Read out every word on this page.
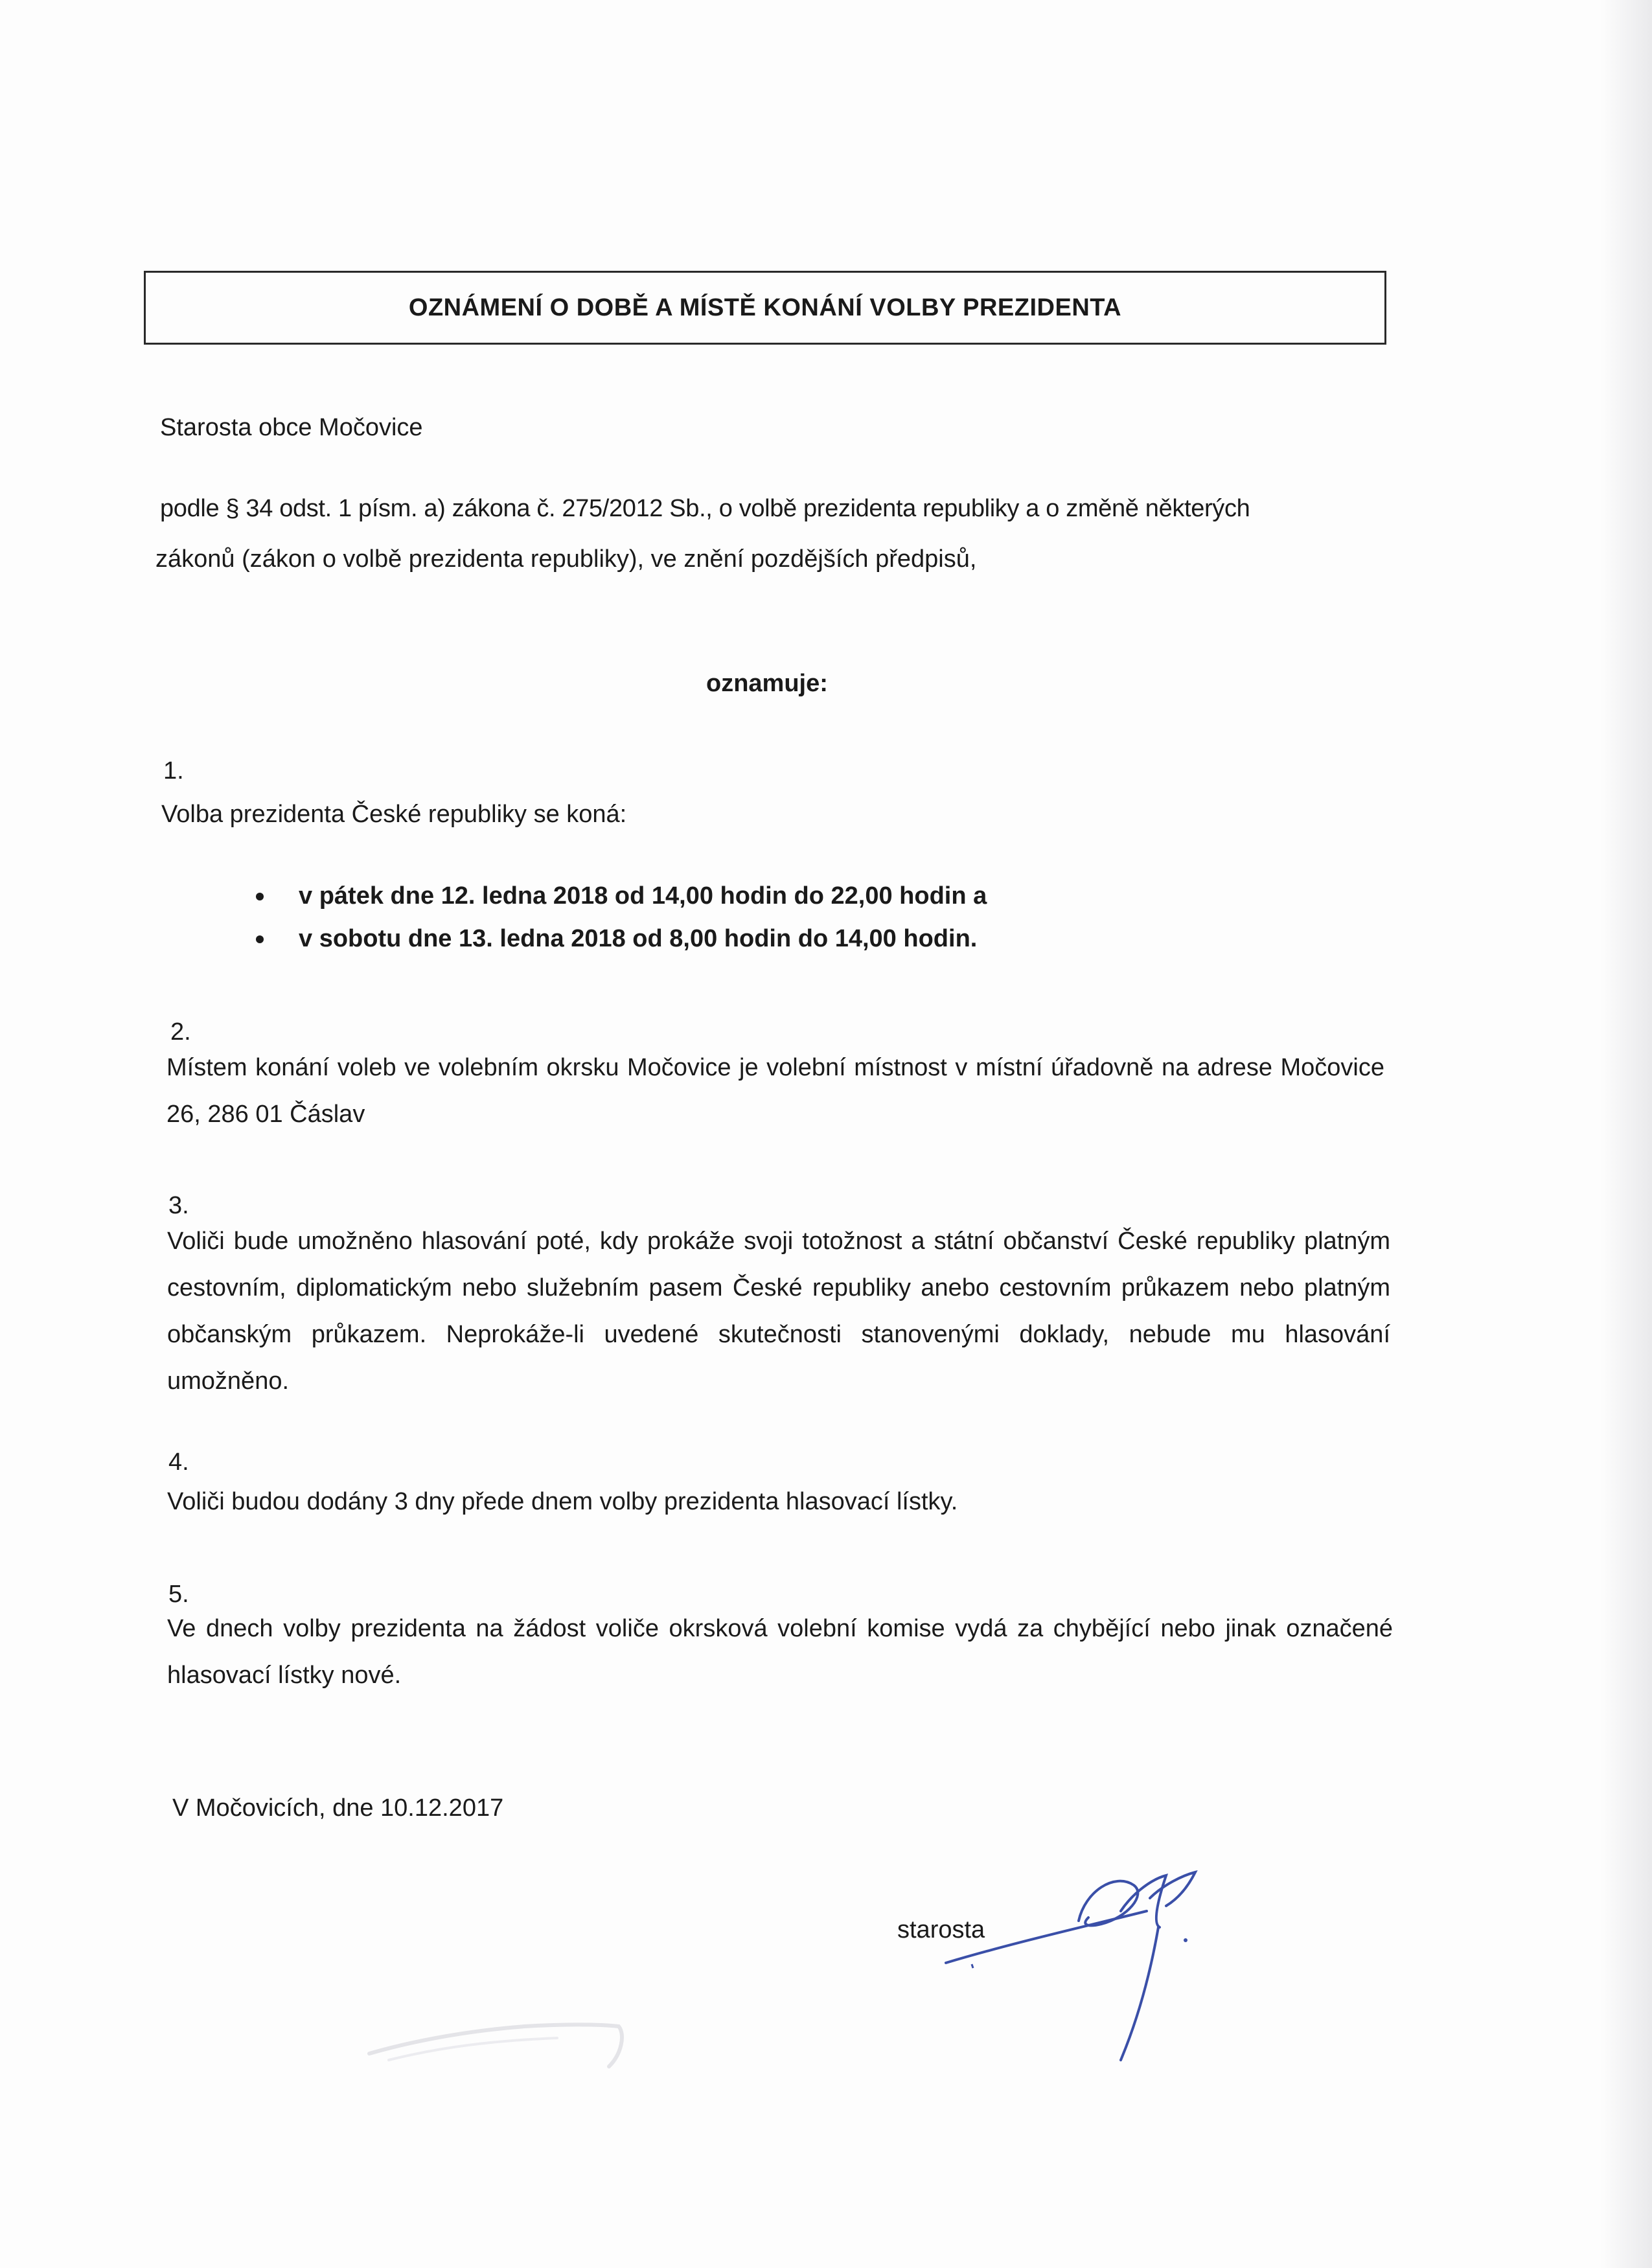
OZNÁMENÍ O DOBĚ A MÍSTĚ KONÁNÍ VOLBY PREZIDENTA
Starosta obce Močovice
podle § 34 odst. 1 písm. a) zákona č. 275/2012 Sb., o volbě prezidenta republiky a o změně některých
zákonů (zákon o volbě prezidenta republiky), ve znění pozdějších předpisů,
oznamuje:
1.
Volba prezidenta České republiky se koná:
v pátek dne 12. ledna 2018 od 14,00 hodin do 22,00 hodin a
v sobotu dne 13. ledna 2018 od 8,00 hodin do 14,00 hodin.
2.
Místem konání voleb ve volebním okrsku Močovice je volební místnost v místní úřadovně na adrese Močovice 26, 286 01 Čáslav
3.
Voliči bude umožněno hlasování poté, kdy prokáže svoji totožnost a státní občanství České republiky platným cestovním, diplomatickým nebo služebním pasem České republiky anebo cestovním průkazem nebo platným občanským průkazem. Neprokáže-li uvedené skutečnosti stanovenými doklady, nebude mu hlasování umožněno.
4.
Voliči budou dodány 3 dny přede dnem volby prezidenta hlasovací lístky.
5.
Ve dnech volby prezidenta na žádost voliče okrsková volební komise vydá za chybějící nebo jinak označené hlasovací lístky nové.
V Močovicích, dne 10.12.2017
starosta
